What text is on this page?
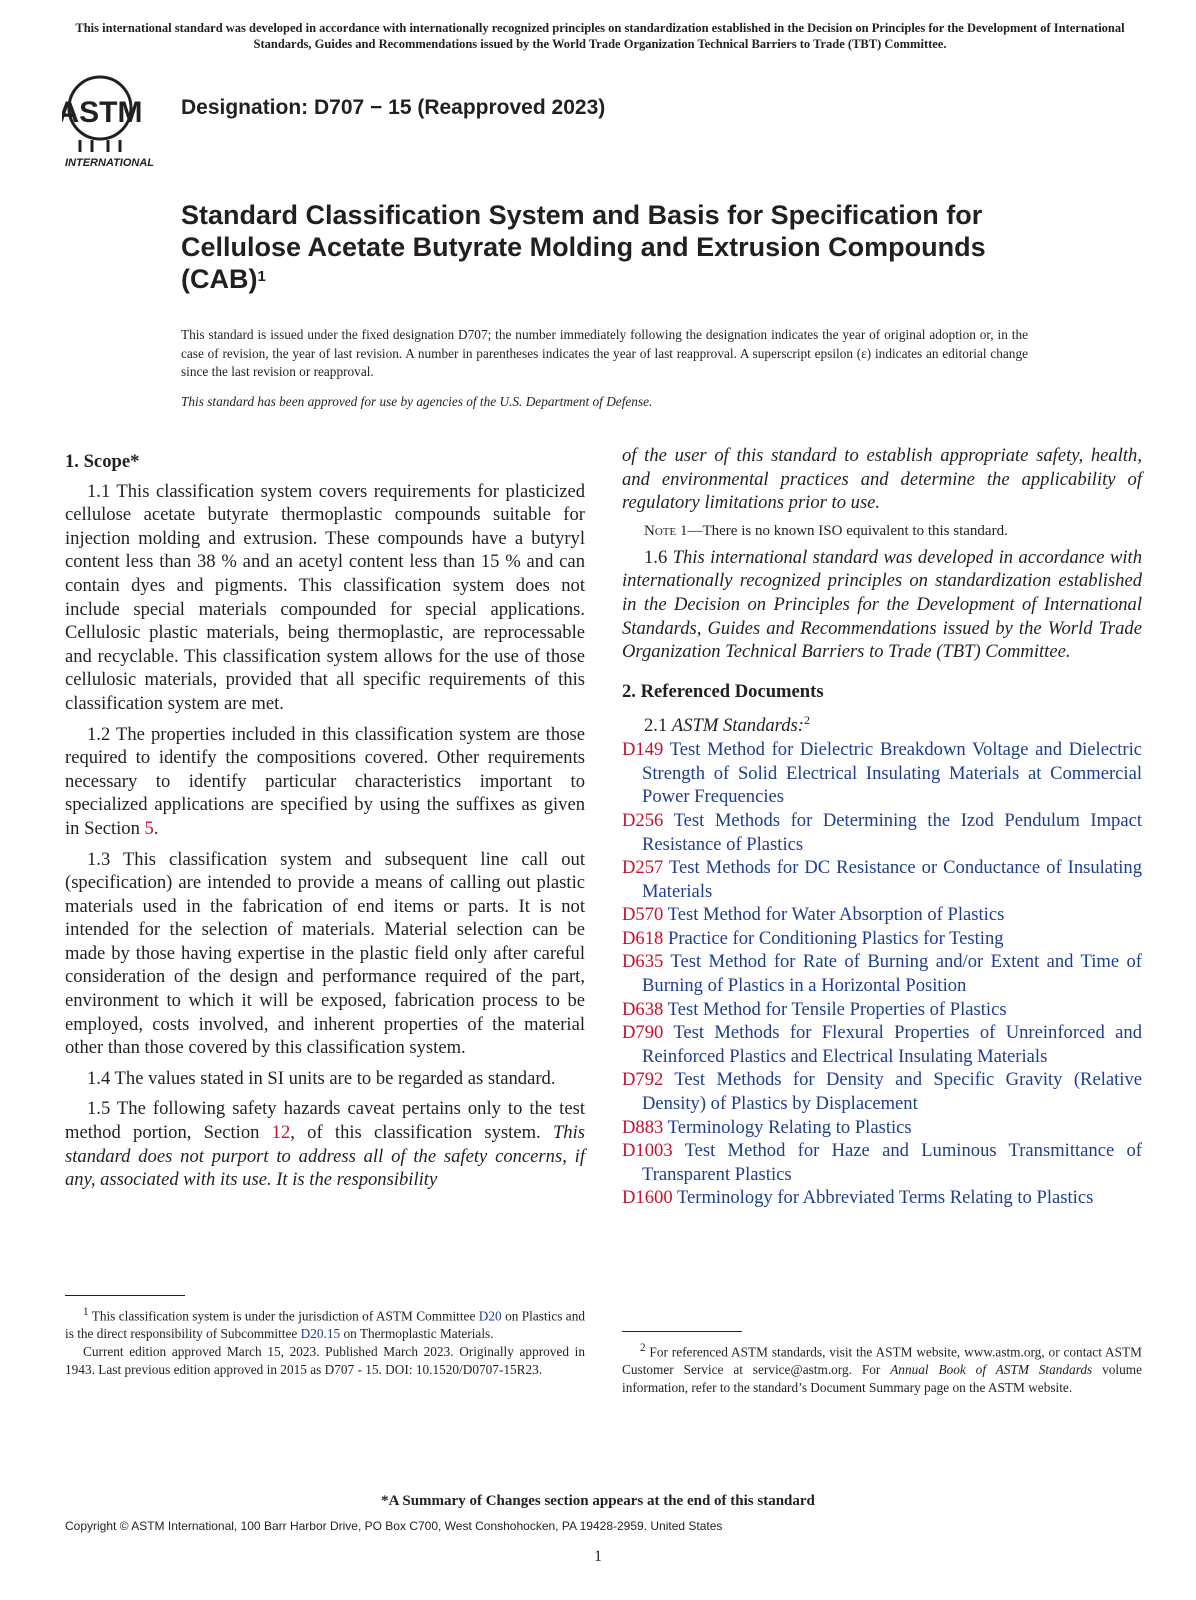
This international standard was developed in accordance with internationally recognized principles on standardization established in the Decision on Principles for the Development of International Standards, Guides and Recommendations issued by the World Trade Organization Technical Barriers to Trade (TBT) Committee.
ASTM
INTERNATIONAL
Designation: D707 − 15 (Reapproved 2023)
Standard Classification System and Basis for Specification for Cellulose Acetate Butyrate Molding and Extrusion Compounds (CAB)$^1$
This standard is issued under the fixed designation D707; the number immediately following the designation indicates the year of original adoption or, in the case of revision, the year of last revision. A number in parentheses indicates the year of last reapproval. A superscript epsilon (ε) indicates an editorial change since the last revision or reapproval.
This standard has been approved for use by agencies of the U.S. Department of Defense.

1. Scope*

1.1 This classification system covers requirements for plasticized cellulose acetate butyrate thermoplastic compounds suitable for injection molding and extrusion. These compounds have a butyryl content less than 38 % and an acetyl content less than 15 % and can contain dyes and pigments. This classification system does not include special materials compounded for special applications. Cellulosic plastic materials, being thermoplastic, are reprocessable and recyclable. This classification system allows for the use of those cellulosic materials, provided that all specific requirements of this classification system are met.

1.2 The properties included in this classification system are those required to identify the compositions covered. Other requirements necessary to identify particular characteristics important to specialized applications are specified by using the suffixes as given in Section 5.

1.3 This classification system and subsequent line call out (specification) are intended to provide a means of calling out plastic materials used in the fabrication of end items or parts. It is not intended for the selection of materials. Material selection can be made by those having expertise in the plastic field only after careful consideration of the design and performance required of the part, environment to which it will be exposed, fabrication process to be employed, costs involved, and inherent properties of the material other than those covered by this classification system.

1.4 The values stated in SI units are to be regarded as standard.

1.5 The following safety hazards caveat pertains only to the test method portion, Section 12, of this classification system. This standard does not purport to address all of the safety concerns, if any, associated with its use. It is the responsibility

$^1$ This classification system is under the jurisdiction of ASTM Committee D20 on Plastics and is the direct responsibility of Subcommittee D20.15 on Thermoplastic Materials.

Current edition approved March 15, 2023. Published March 2023. Originally approved in 1943. Last previous edition approved in 2015 as D707 - 15. DOI: 10.1520/D0707-15R23.

of the user of this standard to establish appropriate safety, health, and environmental practices and determine the applicability of regulatory limitations prior to use.

Note 1—There is no known ISO equivalent to this standard.

1.6 This international standard was developed in accordance with internationally recognized principles on standardization established in the Decision on Principles for the Development of International Standards, Guides and Recommendations issued by the World Trade Organization Technical Barriers to Trade (TBT) Committee.

2. Referenced Documents

2.1 ASTM Standards:$^2$

D149 Test Method for Dielectric Breakdown Voltage and Dielectric Strength of Solid Electrical Insulating Materials at Commercial Power Frequencies

D256 Test Methods for Determining the Izod Pendulum Impact Resistance of Plastics

D257 Test Methods for DC Resistance or Conductance of Insulating Materials

D570 Test Method for Water Absorption of Plastics

D618 Practice for Conditioning Plastics for Testing

D635 Test Method for Rate of Burning and/or Extent and Time of Burning of Plastics in a Horizontal Position

D638 Test Method for Tensile Properties of Plastics

D790 Test Methods for Flexural Properties of Unreinforced and Reinforced Plastics and Electrical Insulating Materials

D792 Test Methods for Density and Specific Gravity (Relative Density) of Plastics by Displacement

D883 Terminology Relating to Plastics

D1003 Test Method for Haze and Luminous Transmittance of Transparent Plastics

D1600 Terminology for Abbreviated Terms Relating to Plastics

$^2$ For referenced ASTM standards, visit the ASTM website, www.astm.org, or contact ASTM Customer Service at service@astm.org. For Annual Book of ASTM Standards volume information, refer to the standard’s Document Summary page on the ASTM website.

*A Summary of Changes section appears at the end of this standard
Copyright © ASTM International, 100 Barr Harbor Drive, PO Box C700, West Conshohocken, PA 19428-2959. United States
1
